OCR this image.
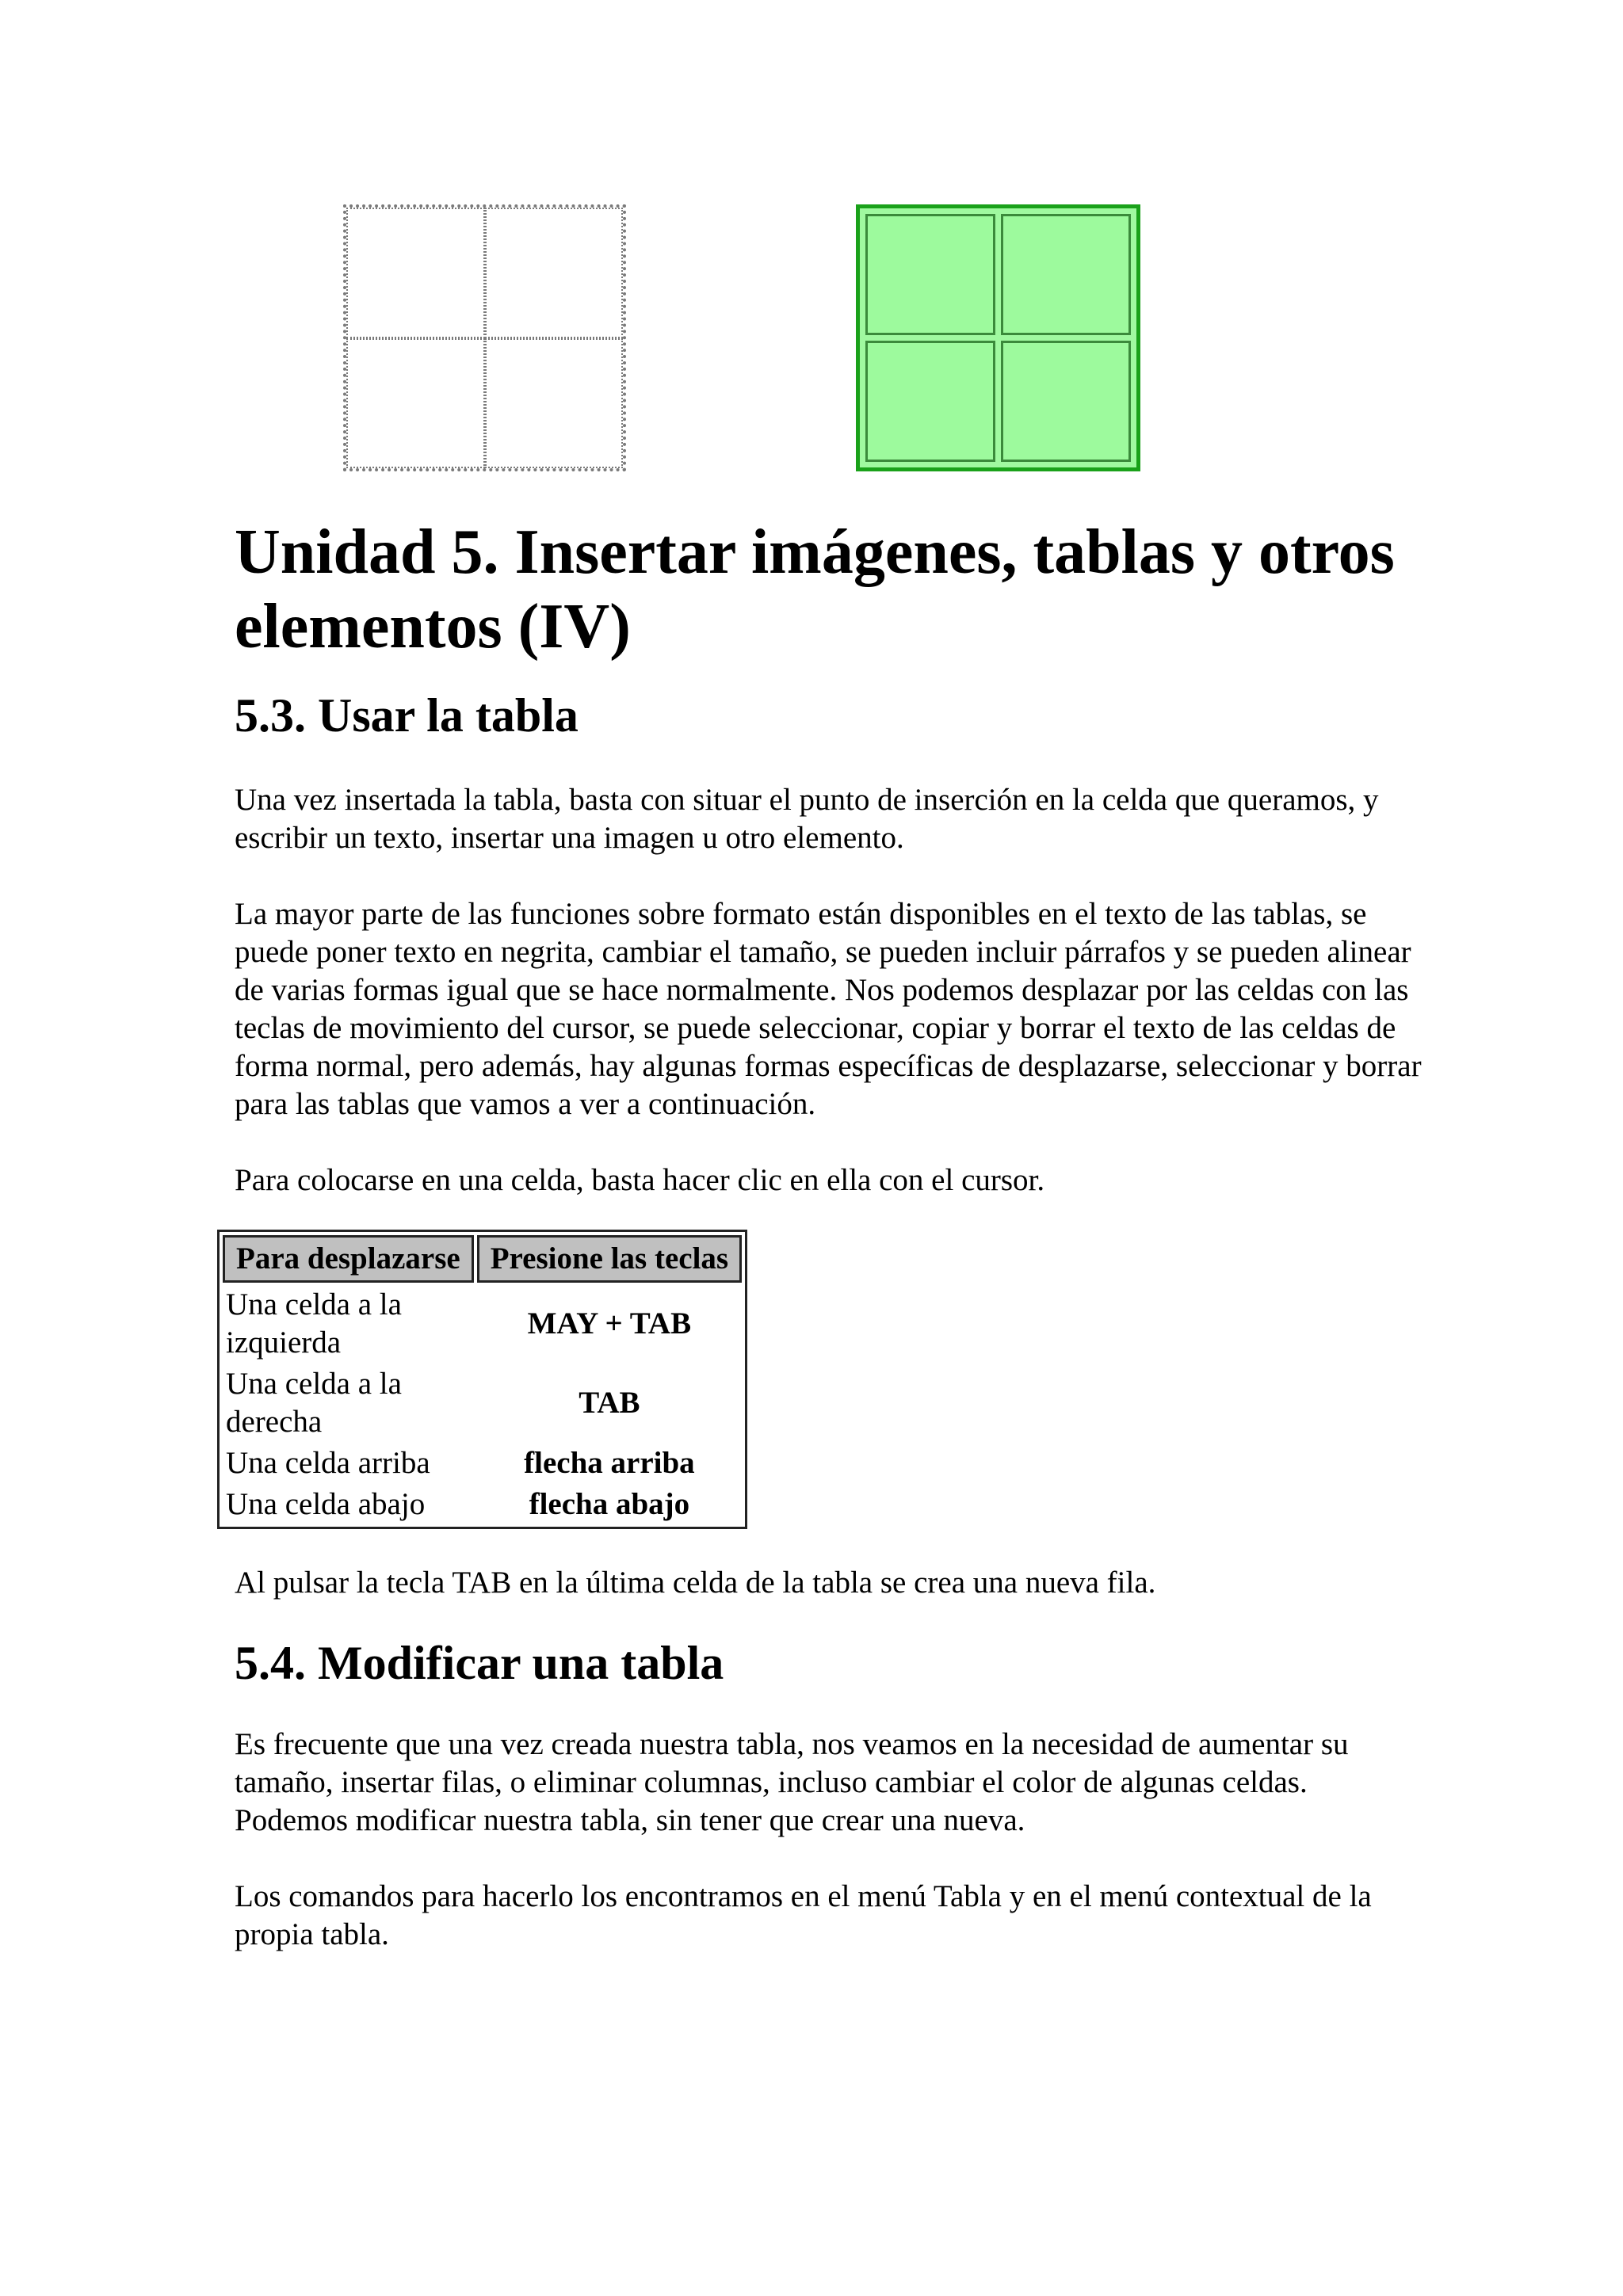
Unidad 5. Insertar imágenes, tablas y otros elementos (IV)
5.3. Usar la tabla

Una vez insertada la tabla, basta con situar el punto de inserción en la celda que queramos, y escribir un texto, insertar una imagen u otro elemento.

La mayor parte de las funciones sobre formato están disponibles en el texto de las tablas, se puede poner texto en negrita, cambiar el tamaño, se pueden incluir párrafos y se pueden alinear de varias formas igual que se hace normalmente. Nos podemos desplazar por las celdas con las teclas de movimiento del cursor, se puede seleccionar, copiar y borrar el texto de las celdas de forma normal, pero además, hay algunas formas específicas de desplazarse, seleccionar y borrar para las tablas que vamos a ver a continuación.

Para colocarse en una celda, basta hacer clic en ella con el cursor.

Para desplazarse	Presione las teclas
Una celda a la izquierda	MAY + TAB
Una celda a la derecha	TAB
Una celda arriba	flecha arriba
Una celda abajo	flecha abajo

Al pulsar la tecla TAB en la última celda de la tabla se crea una nueva fila.

5.4. Modificar una tabla

Es frecuente que una vez creada nuestra tabla, nos veamos en la necesidad de aumentar su tamaño, insertar filas, o eliminar columnas, incluso cambiar el color de algunas celdas. Podemos modificar nuestra tabla, sin tener que crear una nueva.

Los comandos para hacerlo los encontramos en el menú Tabla y en el menú contextual de la propia tabla.
